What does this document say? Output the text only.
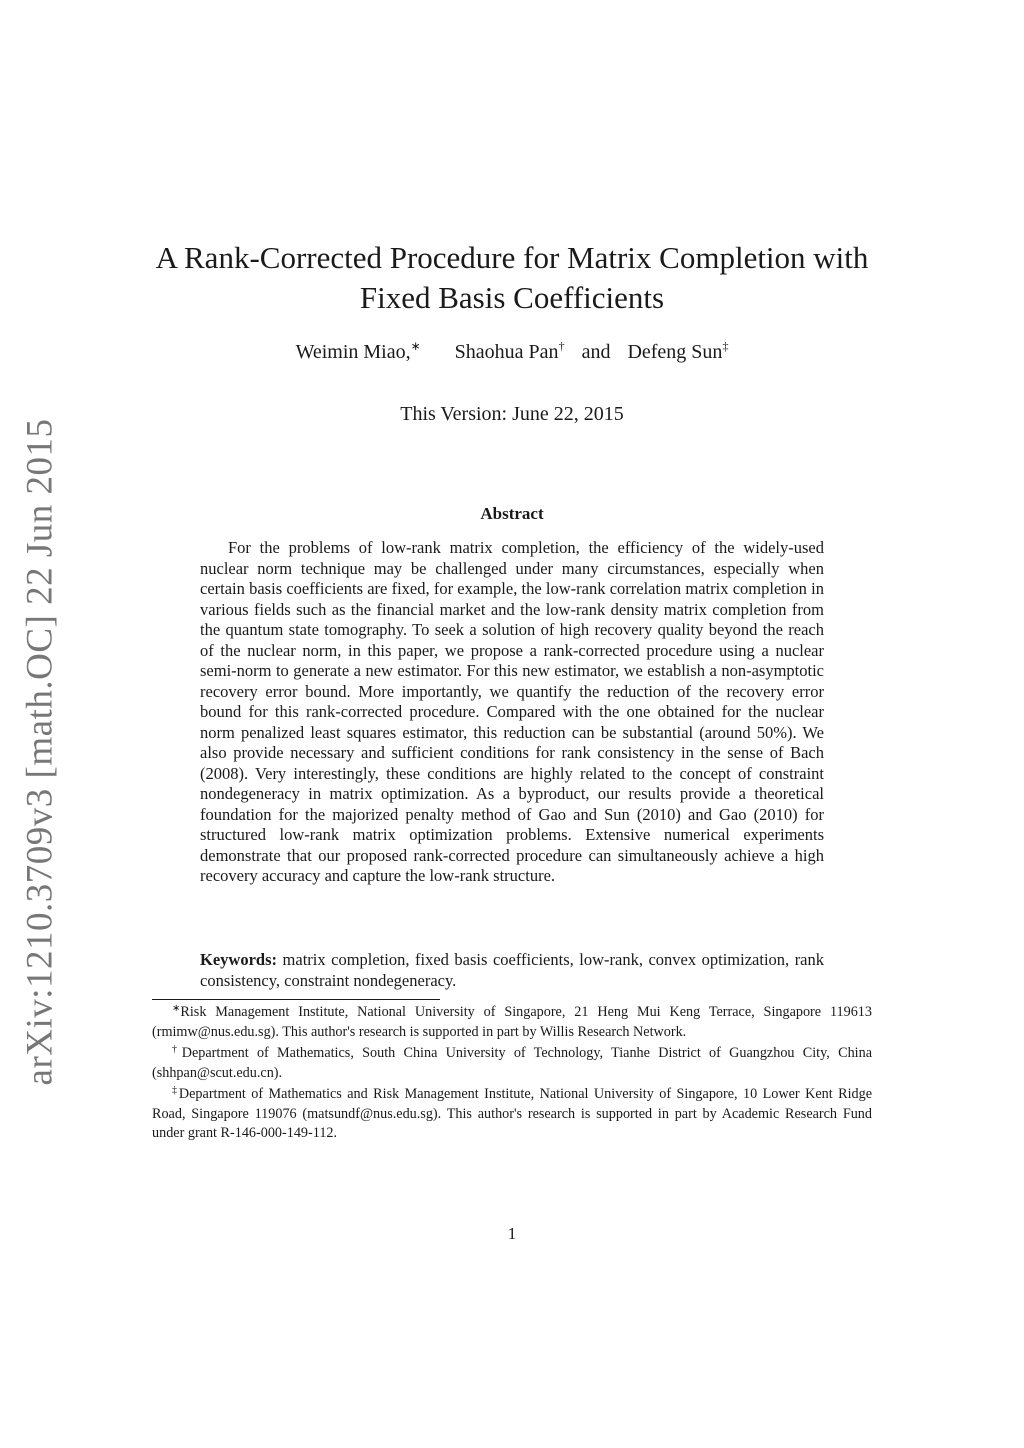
arXiv:1210.3709v3 [math.OC] 22 Jun 2015
A Rank-Corrected Procedure for Matrix Completion with Fixed Basis Coefficients
Weimin Miao,∗ Shaohua Pan† and Defeng Sun‡
This Version: June 22, 2015
Abstract

For the problems of low-rank matrix completion, the efficiency of the widely-used nuclear norm technique may be challenged under many circumstances, especially when certain basis coefficients are fixed, for example, the low-rank correlation matrix completion in various fields such as the financial market and the low-rank density matrix completion from the quantum state tomography. To seek a solution of high recovery quality beyond the reach of the nuclear norm, in this paper, we propose a rank-corrected procedure using a nuclear semi-norm to generate a new estimator. For this new estimator, we establish a non-asymptotic recovery error bound. More importantly, we quantify the reduction of the recovery error bound for this rank-corrected procedure. Compared with the one obtained for the nuclear norm penalized least squares estimator, this reduction can be substantial (around 50%). We also provide necessary and sufficient conditions for rank consistency in the sense of Bach (2008). Very interestingly, these conditions are highly related to the concept of constraint nondegeneracy in matrix optimization. As a byproduct, our results provide a theoretical foundation for the majorized penalty method of Gao and Sun (2010) and Gao (2010) for structured low-rank matrix optimization problems. Extensive numerical experiments demonstrate that our proposed rank-corrected procedure can simultaneously achieve a high recovery accuracy and capture the low-rank structure.

Keywords: matrix completion, fixed basis coefficients, low-rank, convex optimization, rank consistency, constraint nondegeneracy.

∗Risk Management Institute, National University of Singapore, 21 Heng Mui Keng Terrace, Singapore 119613 (rmimw@nus.edu.sg). This author's research is supported in part by Willis Research Network.

†Department of Mathematics, South China University of Technology, Tianhe District of Guangzhou City, China (shhpan@scut.edu.cn).

‡Department of Mathematics and Risk Management Institute, National University of Singapore, 10 Lower Kent Ridge Road, Singapore 119076 (matsundf@nus.edu.sg). This author's research is supported in part by Academic Research Fund under grant R-146-000-149-112.

1
